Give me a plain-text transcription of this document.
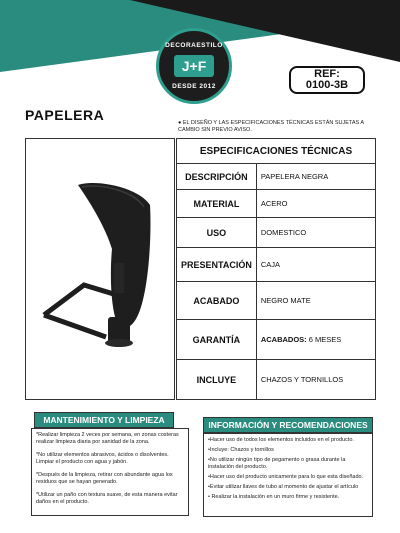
DECORAESTILO
J+F
DESDE 2012
REF:
0100-3B
PAPELERA	● EL DISEÑO Y LAS ESPECIFICACIONES TÉCNICAS ESTÁN SUJETAS A CAMBIO SIN PREVIO AVISO.
ESPECIFICACIONES TÉCNICAS	
DESCRIPCIÓN	PAPELERA NEGRA
MATERIAL	ACERO
USO	DOMESTICO
PRESENTACIÓN	CAJA
ACABADO	NEGRO MATE
GARANTÍA	ACABADOS: 6 MESES
INCLUYE	CHAZOS Y TORNILLOS
MANTENIMIENTO Y LIMPIEZA

*Realizar limpieza 2 veces por semana, en zonas costeras realizar limpieza diaria por sanidad de la zona.

*No utilizar elementos abrasivos, ácidos o disolventes. Limpiar el producto con agua y jabón.

*Después de la limpieza, retirar con abundante agua los residuos que se hayan generado.

*Utilizar un paño con textura suave, de esta manera evitar daños en el producto.

INFORMACIÓN Y RECOMENDACIONES

•Hacer uso de todos los elementos incluidos en el producto.

•Incluye: Chazos y tornillos

•No utilizar ningún tipo de pegamento o grasa durante la instalación del producto.

•Hacer uso del producto unicamente para lo que esta diseñado.

•Evitar utilizar llaves de tubo al momento de ajustar el artículo

• Realizar la instalación en un muro firme y resistente.
